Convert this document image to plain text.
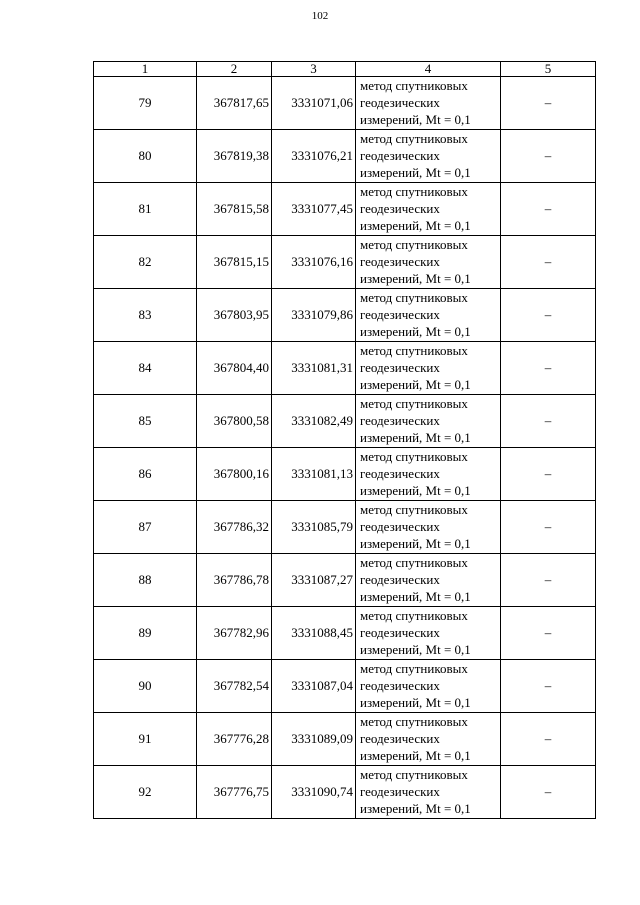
102
1	2	3	4	5
79	367817,65	3331071,06	метод спутниковых
геодезических
измерений, Mt = 0,1	–
80	367819,38	3331076,21	метод спутниковых
геодезических
измерений, Mt = 0,1	–
81	367815,58	3331077,45	метод спутниковых
геодезических
измерений, Mt = 0,1	–
82	367815,15	3331076,16	метод спутниковых
геодезических
измерений, Mt = 0,1	–
83	367803,95	3331079,86	метод спутниковых
геодезических
измерений, Mt = 0,1	–
84	367804,40	3331081,31	метод спутниковых
геодезических
измерений, Mt = 0,1	–
85	367800,58	3331082,49	метод спутниковых
геодезических
измерений, Mt = 0,1	–
86	367800,16	3331081,13	метод спутниковых
геодезических
измерений, Mt = 0,1	–
87	367786,32	3331085,79	метод спутниковых
геодезических
измерений, Mt = 0,1	–
88	367786,78	3331087,27	метод спутниковых
геодезических
измерений, Mt = 0,1	–
89	367782,96	3331088,45	метод спутниковых
геодезических
измерений, Mt = 0,1	–
90	367782,54	3331087,04	метод спутниковых
геодезических
измерений, Mt = 0,1	–
91	367776,28	3331089,09	метод спутниковых
геодезических
измерений, Mt = 0,1	–
92	367776,75	3331090,74	метод спутниковых
геодезических
измерений, Mt = 0,1	–
